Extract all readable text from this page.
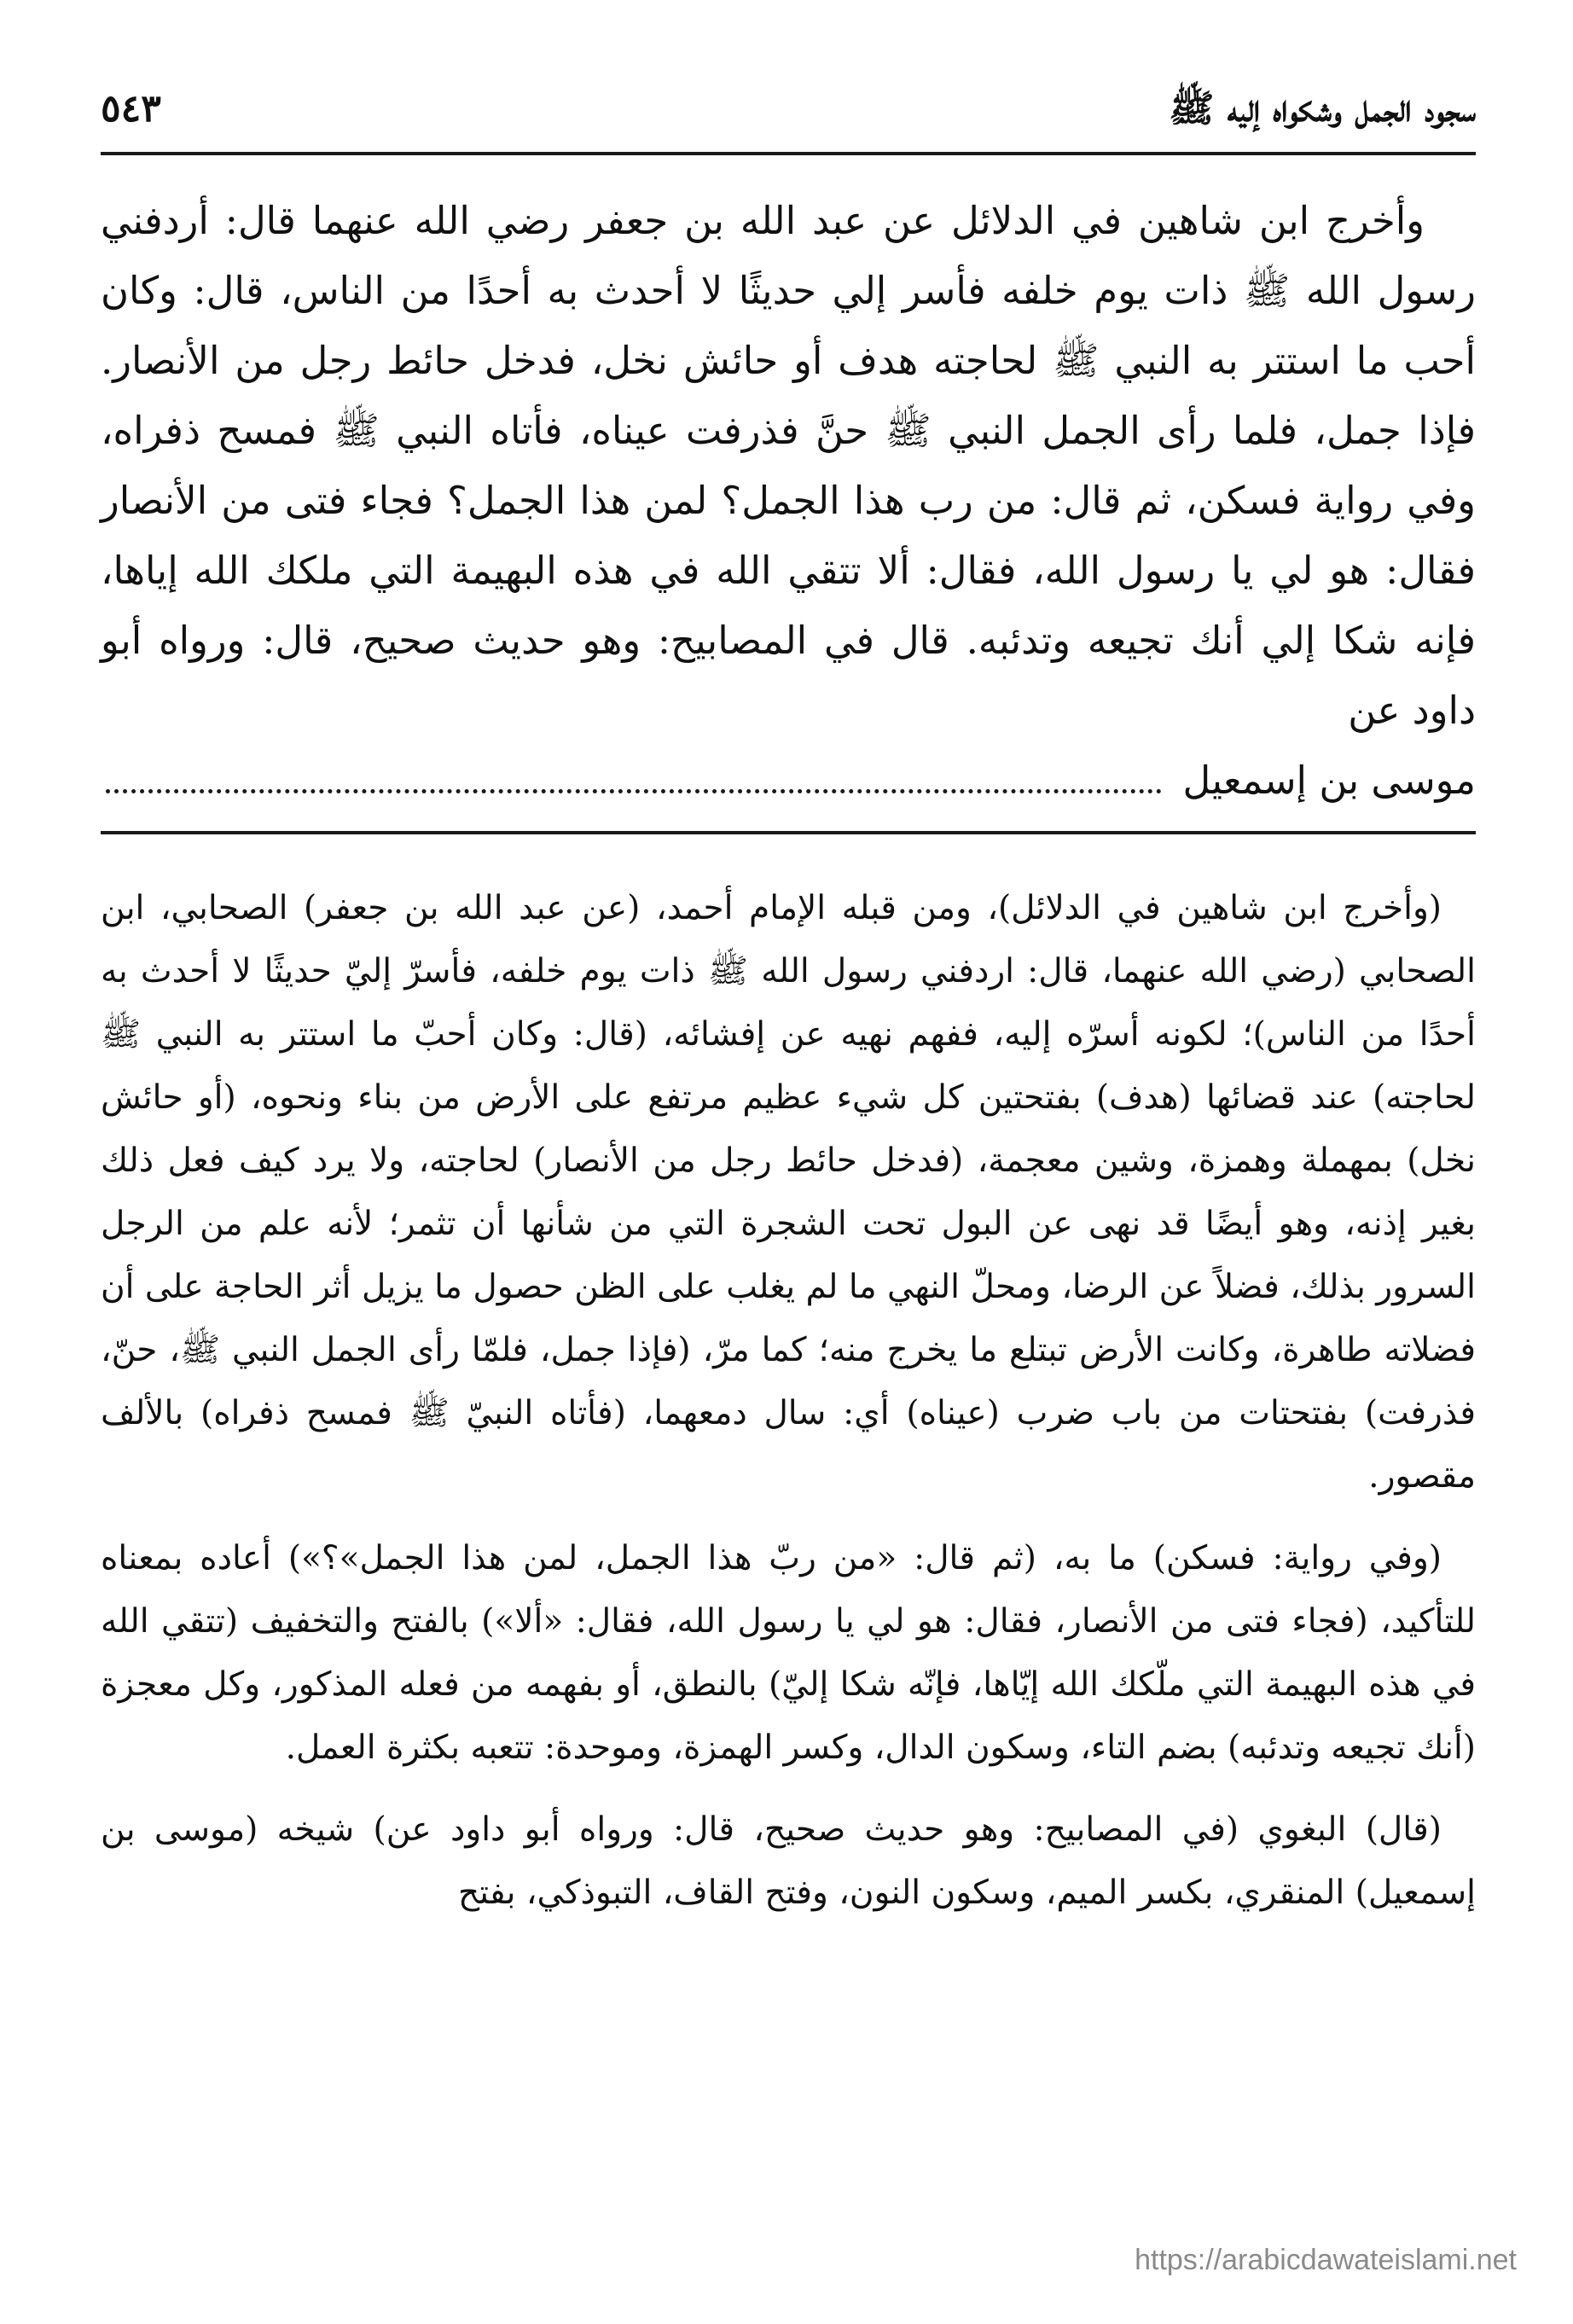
سجود الجمل وشكواه إليه ﷺ
٥٤٣

وأخرج ابن شاهين في الدلائل عن عبد الله بن جعفر رضي الله عنهما قال: أردفني رسول الله ﷺ ذات يوم خلفه فأسر إلي حديثًا لا أحدث به أحدًا من الناس، قال: وكان أحب ما استتر به النبي ﷺ لحاجته هدف أو حائش نخل، فدخل حائط رجل من الأنصار. فإذا جمل، فلما رأى الجمل النبي ﷺ حنَّ فذرفت عيناه، فأتاه النبي ﷺ فمسح ذفراه، وفي رواية فسكن، ثم قال: من رب هذا الجمل؟ لمن هذا الجمل؟ فجاء فتى من الأنصار فقال: هو لي يا رسول الله، فقال: ألا تتقي الله في هذه البهيمة التي ملكك الله إياها، فإنه شكا إلي أنك تجيعه وتدئبه. قال في المصابيح: وهو حديث صحيح، قال: ورواه أبو داود عن

موسى بن إسمعيل

(وأخرج ابن شاهين في الدلائل)، ومن قبله الإمام أحمد، (عن عبد الله بن جعفر) الصحابي، ابن الصحابي (رضي الله عنهما، قال: اردفني رسول الله ﷺ ذات يوم خلفه، فأسرّ إليّ حديثًا لا أحدث به أحدًا من الناس)؛ لكونه أسرّه إليه، ففهم نهيه عن إفشائه، (قال: وكان أحبّ ما استتر به النبي ﷺ لحاجته) عند قضائها (هدف) بفتحتين كل شيء عظيم مرتفع على الأرض من بناء ونحوه، (أو حائش نخل) بمهملة وهمزة، وشين معجمة، (فدخل حائط رجل من الأنصار) لحاجته، ولا يرد كيف فعل ذلك بغير إذنه، وهو أيضًا قد نهى عن البول تحت الشجرة التي من شأنها أن تثمر؛ لأنه علم من الرجل السرور بذلك، فضلاً عن الرضا، ومحلّ النهي ما لم يغلب على الظن حصول ما يزيل أثر الحاجة على أن فضلاته طاهرة، وكانت الأرض تبتلع ما يخرج منه؛ كما مرّ، (فإذا جمل، فلمّا رأى الجمل النبي ﷺ، حنّ، فذرفت) بفتحتات من باب ضرب (عيناه) أي: سال دمعهما، (فأتاه النبيّ ﷺ فمسح ذفراه) بالألف مقصور.

(وفي رواية: فسكن) ما به، (ثم قال: «من ربّ هذا الجمل، لمن هذا الجمل»؟») أعاده بمعناه للتأكيد، (فجاء فتى من الأنصار، فقال: هو لي يا رسول الله، فقال: «ألا») بالفتح والتخفيف (تتقي الله في هذه البهيمة التي ملّكك الله إيّاها، فإنّه شكا إليّ) بالنطق، أو بفهمه من فعله المذكور، وكل معجزة (أنك تجيعه وتدئبه) بضم التاء، وسكون الدال، وكسر الهمزة، وموحدة: تتعبه بكثرة العمل.

(قال) البغوي (في المصابيح: وهو حديث صحيح، قال: ورواه أبو داود عن) شيخه (موسى بن إسمعيل) المنقري، بكسر الميم، وسكون النون، وفتح القاف، التبوذكي، بفتح

https://arabicdawateislami.net
